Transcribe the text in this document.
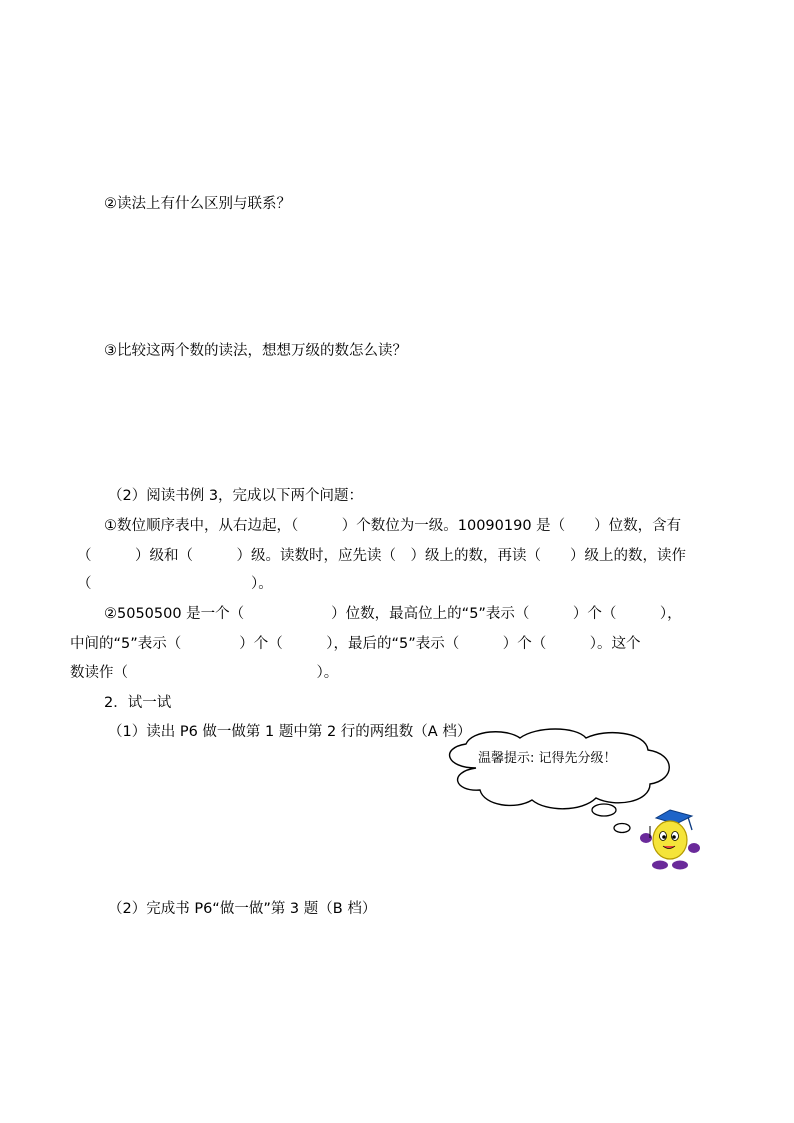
②读法上有什么区别与联系？
③比较这两个数的读法，想想万级的数怎么读？
（2）阅读书例 3，完成以下两个问题：
①数位顺序表中，从右边起，（　　　）个数位为一级。10090190 是（　　）位数，含有
（　　　）级和（　　　）级。读数时，应先读（　）级上的数，再读（　　）级上的数，读作
（　　　　　　　　　　　）。
②5050500 是一个（　　　　　　）位数，最高位上的“5”表示（　　　）个（　　　），
中间的“5”表示（　　　　）个（　　　），最后的“5”表示（　　　）个（　　　）。这个
数读作（　　　　　　　　　　　　　）。
2．试一试
（1）读出 P6 做一做第 1 题中第 2 行的两组数（A 档）
（2）完成书 P6“做一做”第 3 题（B 档）
温馨提示: 记得先分级！
